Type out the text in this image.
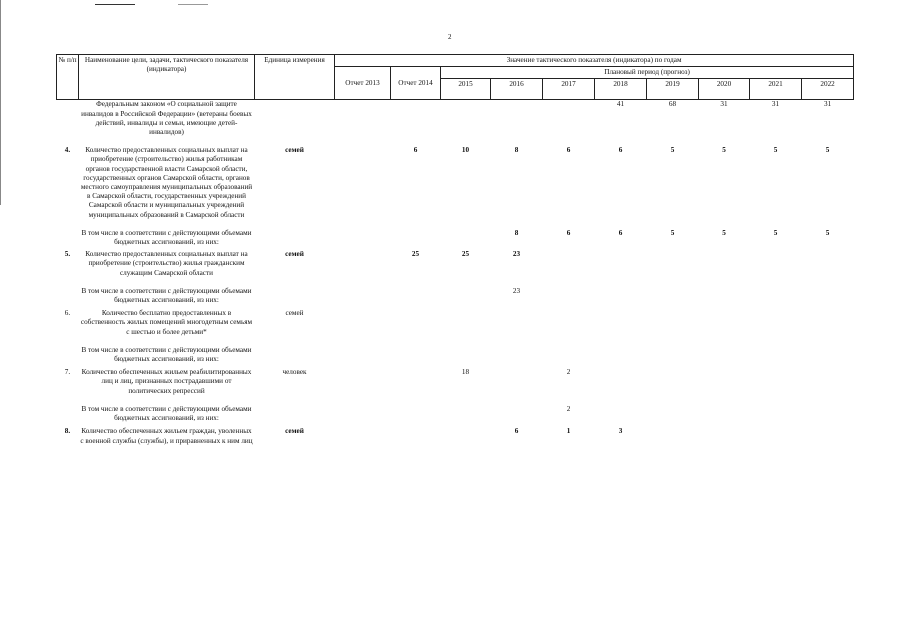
2
№ п/п	Наименование цели, задачи, тактического показателя (индикатора)	Единица измерения	Значение тактического показателя (индикатора) по годам									
			Отчет 2013	Отчет 2014	Плановый период (прогноз)							
					2015	2016	2017	2018	2019	2020	2021	2022
	Федеральным законом «О социальной защите инвалидов в Российской Федерации» (ветераны боевых действий, инвалиды и семьи, имеющие детей-инвалидов)							41	68	31	31	31

4.	Количество предоставленных социальных выплат на приобретение (строительство) жилья работникам органов государственной власти Самарской области, государственных органов Самарской области, органов местного самоуправления муниципальных образований в Самарской области, государственных учреждений Самарской области и муниципальных учреждений муниципальных образований в Самарской области	семей		6	10	8	6	6	5	5	5	5

	В том числе в соответствии с действующими объемами бюджетных ассигнований, из них:					8	6	6	5	5	5	5

5.	Количество предоставленных социальных выплат на приобретение (строительство) жилья гражданским служащим Самарской области	семей		25	25	23						

	В том числе в соответствии с действующими объемами бюджетных ассигнований, из них:					23						

6.	Количество бесплатно предоставленных в собственность жилых помещений многодетным семьям с шестью и более детьми*	семей										

	В том числе в соответствии с действующими объемами бюджетных ассигнований, из них:											

7.	Количество обеспеченных жильем реабилитированных лиц и лиц, признанных пострадавшими от политических репрессий	человек			18		2					

	В том числе в соответствии с действующими объемами бюджетных ассигнований, из них:						2					

8.	Количество обеспеченных жильем граждан, уволенных с военной службы (службы), и приравненных к ним лиц	семей				6	1	3				
